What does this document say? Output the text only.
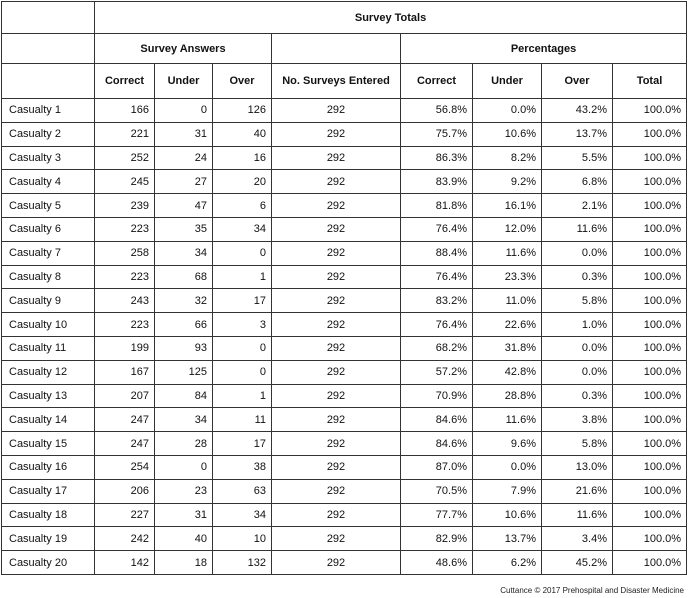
	Survey Totals							
	Survey Answers				Percentages			
	Correct	Under	Over	No. Surveys Entered	Correct	Under	Over	Total
Casualty 1	166	0	126	292	56.8%	0.0%	43.2%	100.0%
Casualty 2	221	31	40	292	75.7%	10.6%	13.7%	100.0%
Casualty 3	252	24	16	292	86.3%	8.2%	5.5%	100.0%
Casualty 4	245	27	20	292	83.9%	9.2%	6.8%	100.0%
Casualty 5	239	47	6	292	81.8%	16.1%	2.1%	100.0%
Casualty 6	223	35	34	292	76.4%	12.0%	11.6%	100.0%
Casualty 7	258	34	0	292	88.4%	11.6%	0.0%	100.0%
Casualty 8	223	68	1	292	76.4%	23.3%	0.3%	100.0%
Casualty 9	243	32	17	292	83.2%	11.0%	5.8%	100.0%
Casualty 10	223	66	3	292	76.4%	22.6%	1.0%	100.0%
Casualty 11	199	93	0	292	68.2%	31.8%	0.0%	100.0%
Casualty 12	167	125	0	292	57.2%	42.8%	0.0%	100.0%
Casualty 13	207	84	1	292	70.9%	28.8%	0.3%	100.0%
Casualty 14	247	34	11	292	84.6%	11.6%	3.8%	100.0%
Casualty 15	247	28	17	292	84.6%	9.6%	5.8%	100.0%
Casualty 16	254	0	38	292	87.0%	0.0%	13.0%	100.0%
Casualty 17	206	23	63	292	70.5%	7.9%	21.6%	100.0%
Casualty 18	227	31	34	292	77.7%	10.6%	11.6%	100.0%
Casualty 19	242	40	10	292	82.9%	13.7%	3.4%	100.0%
Casualty 20	142	18	132	292	48.6%	6.2%	45.2%	100.0%
Cuttance © 2017 Prehospital and Disaster Medicine
